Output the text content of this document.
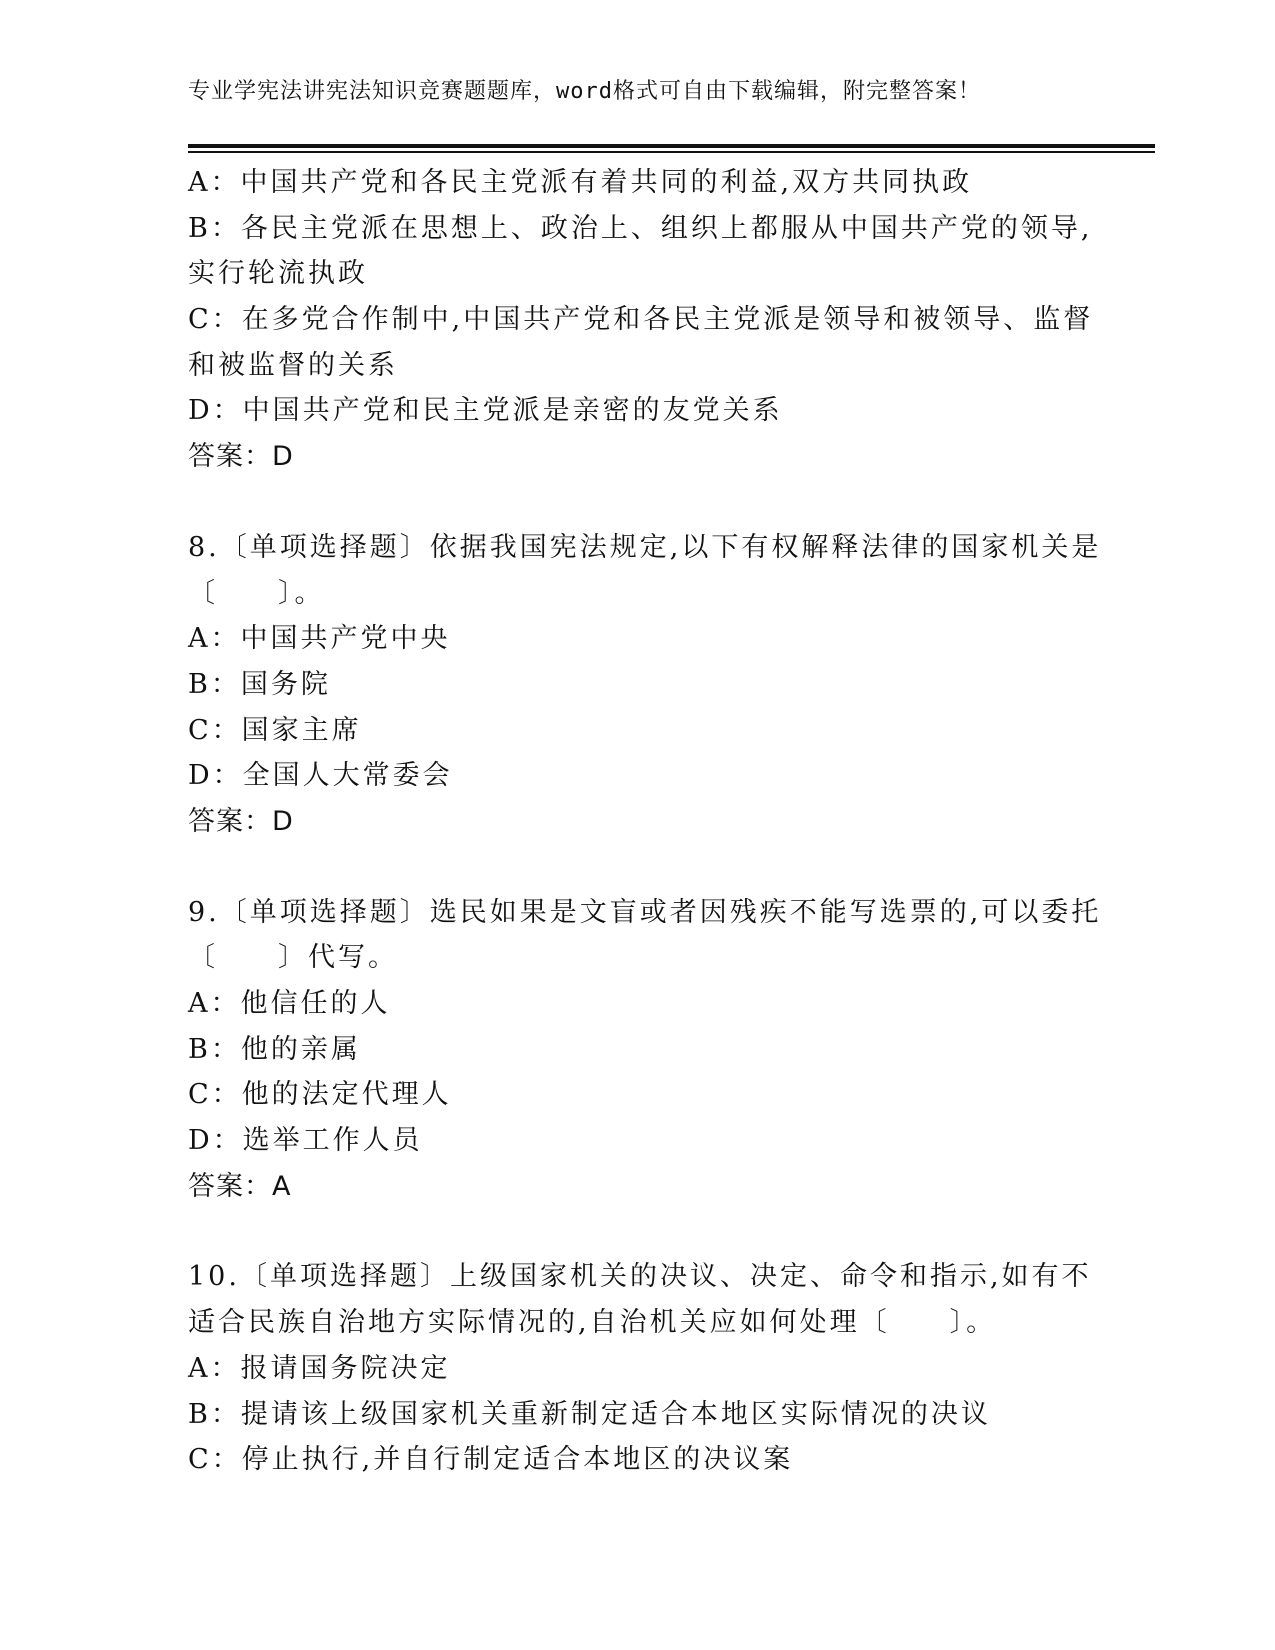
专业学宪法讲宪法知识竞赛题题库，word格式可自由下载编辑，附完整答案！
A：中国共产党和各民主党派有着共同的利益,双方共同执政
B：各民主党派在思想上、政治上、组织上都服从中国共产党的领导,
实行轮流执政
C：在多党合作制中,中国共产党和各民主党派是领导和被领导、监督
和被监督的关系
D：中国共产党和民主党派是亲密的友党关系
答案：D
8.〔单项选择题〕依据我国宪法规定,以下有权解释法律的国家机关是
〔　　〕。
A：中国共产党中央
B：国务院
C：国家主席
D：全国人大常委会
答案：D
9.〔单项选择题〕选民如果是文盲或者因残疾不能写选票的,可以委托
〔　　〕代写。
A：他信任的人
B：他的亲属
C：他的法定代理人
D：选举工作人员
答案：A
10.〔单项选择题〕上级国家机关的决议、决定、命令和指示,如有不
适合民族自治地方实际情况的,自治机关应如何处理〔　　〕。
A：报请国务院决定
B：提请该上级国家机关重新制定适合本地区实际情况的决议
C：停止执行,并自行制定适合本地区的决议案
